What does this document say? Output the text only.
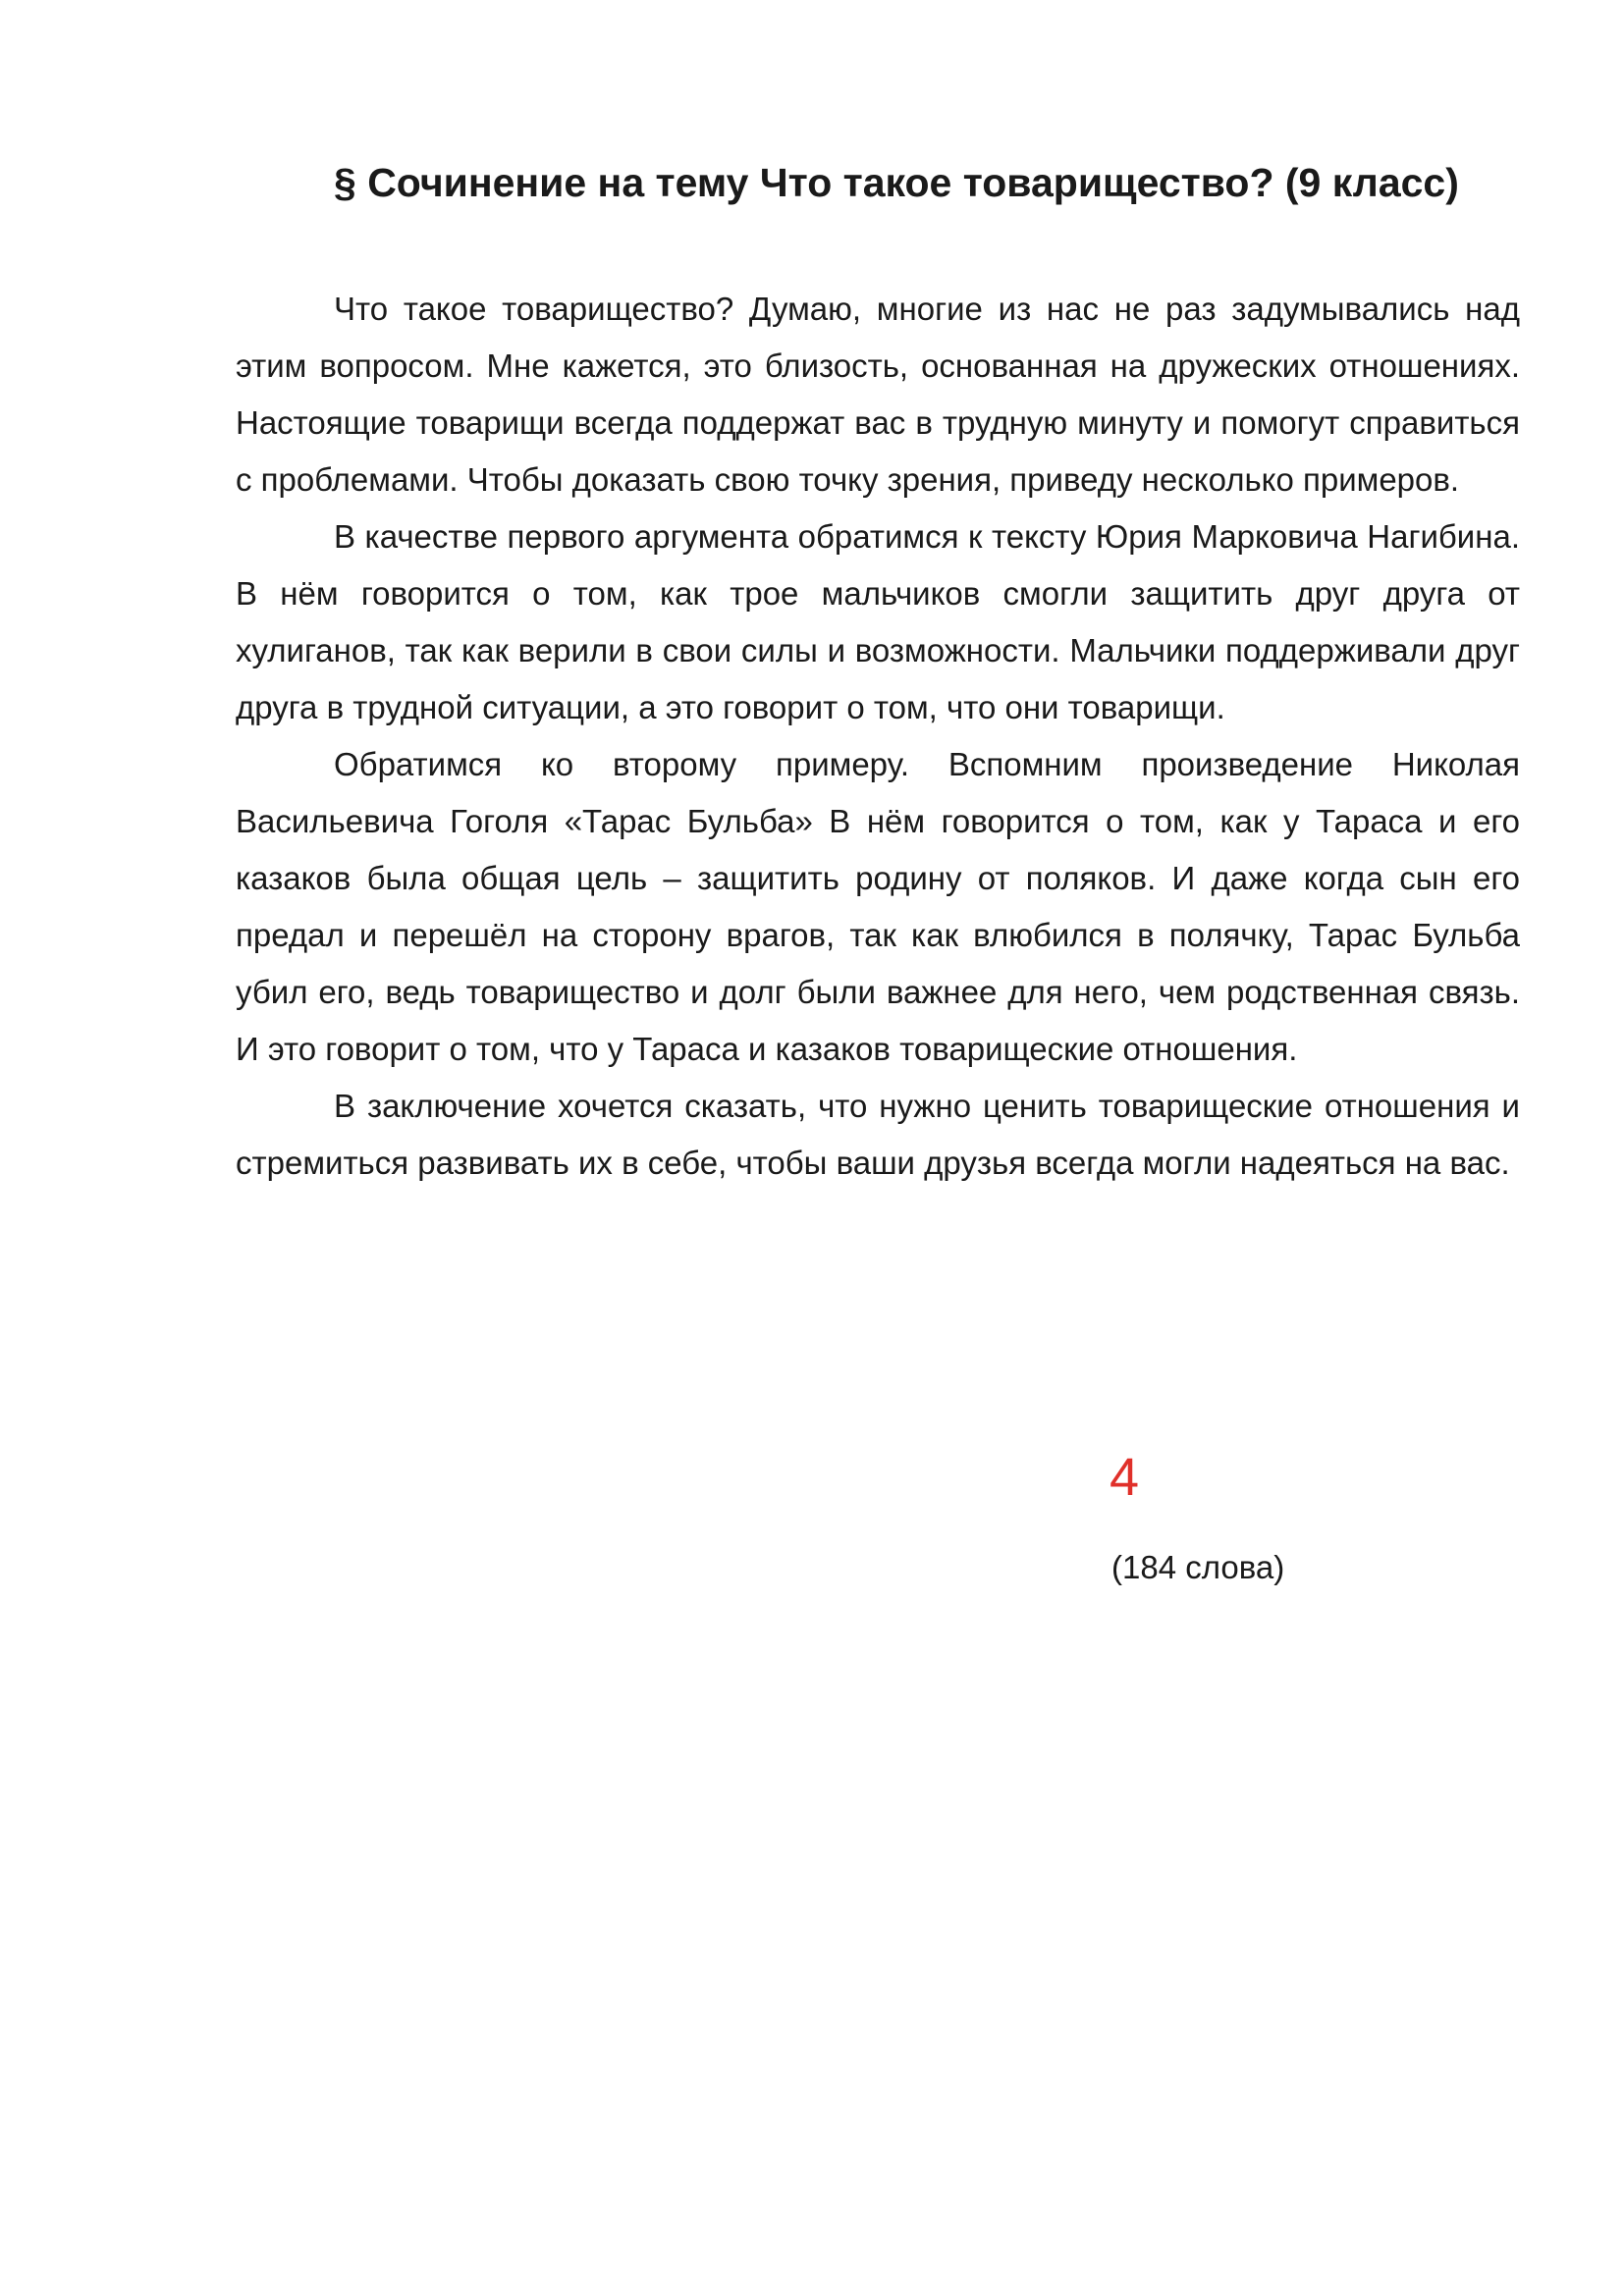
§ Сочинение на тему Что такое товарищество? (9 класс)

Что такое товарищество? Думаю, многие из нас не раз задумывались над этим вопросом. Мне кажется, это близость, основанная на дружеских отношениях. Настоящие товарищи всегда поддержат вас в трудную минуту и помогут справиться с проблемами. Чтобы доказать свою точку зрения, приведу несколько примеров.

В качестве первого аргумента обратимся к тексту Юрия Марковича Нагибина. В нём говорится о том, как трое мальчиков смогли защитить друг друга от хулиганов, так как верили в свои силы и возможности. Мальчики поддерживали друг друга в трудной ситуации, а это говорит о том, что они товарищи.

Обратимся ко второму примеру. Вспомним произведение Николая Васильевича Гоголя «Тарас Бульба» В нём говорится о том, как у Тараса и его казаков была общая цель – защитить родину от поляков. И даже когда сын его предал и перешёл на сторону врагов, так как влюбился в полячку, Тарас Бульба убил его, ведь товарищество и долг были важнее для него, чем родственная связь. И это говорит о том, что у Тараса и казаков товарищеские отношения.

В заключение хочется сказать, что нужно ценить товарищеские отношения и стремиться развивать их в себе, чтобы ваши друзья всегда могли надеяться на вас.

4
(184 слова)
